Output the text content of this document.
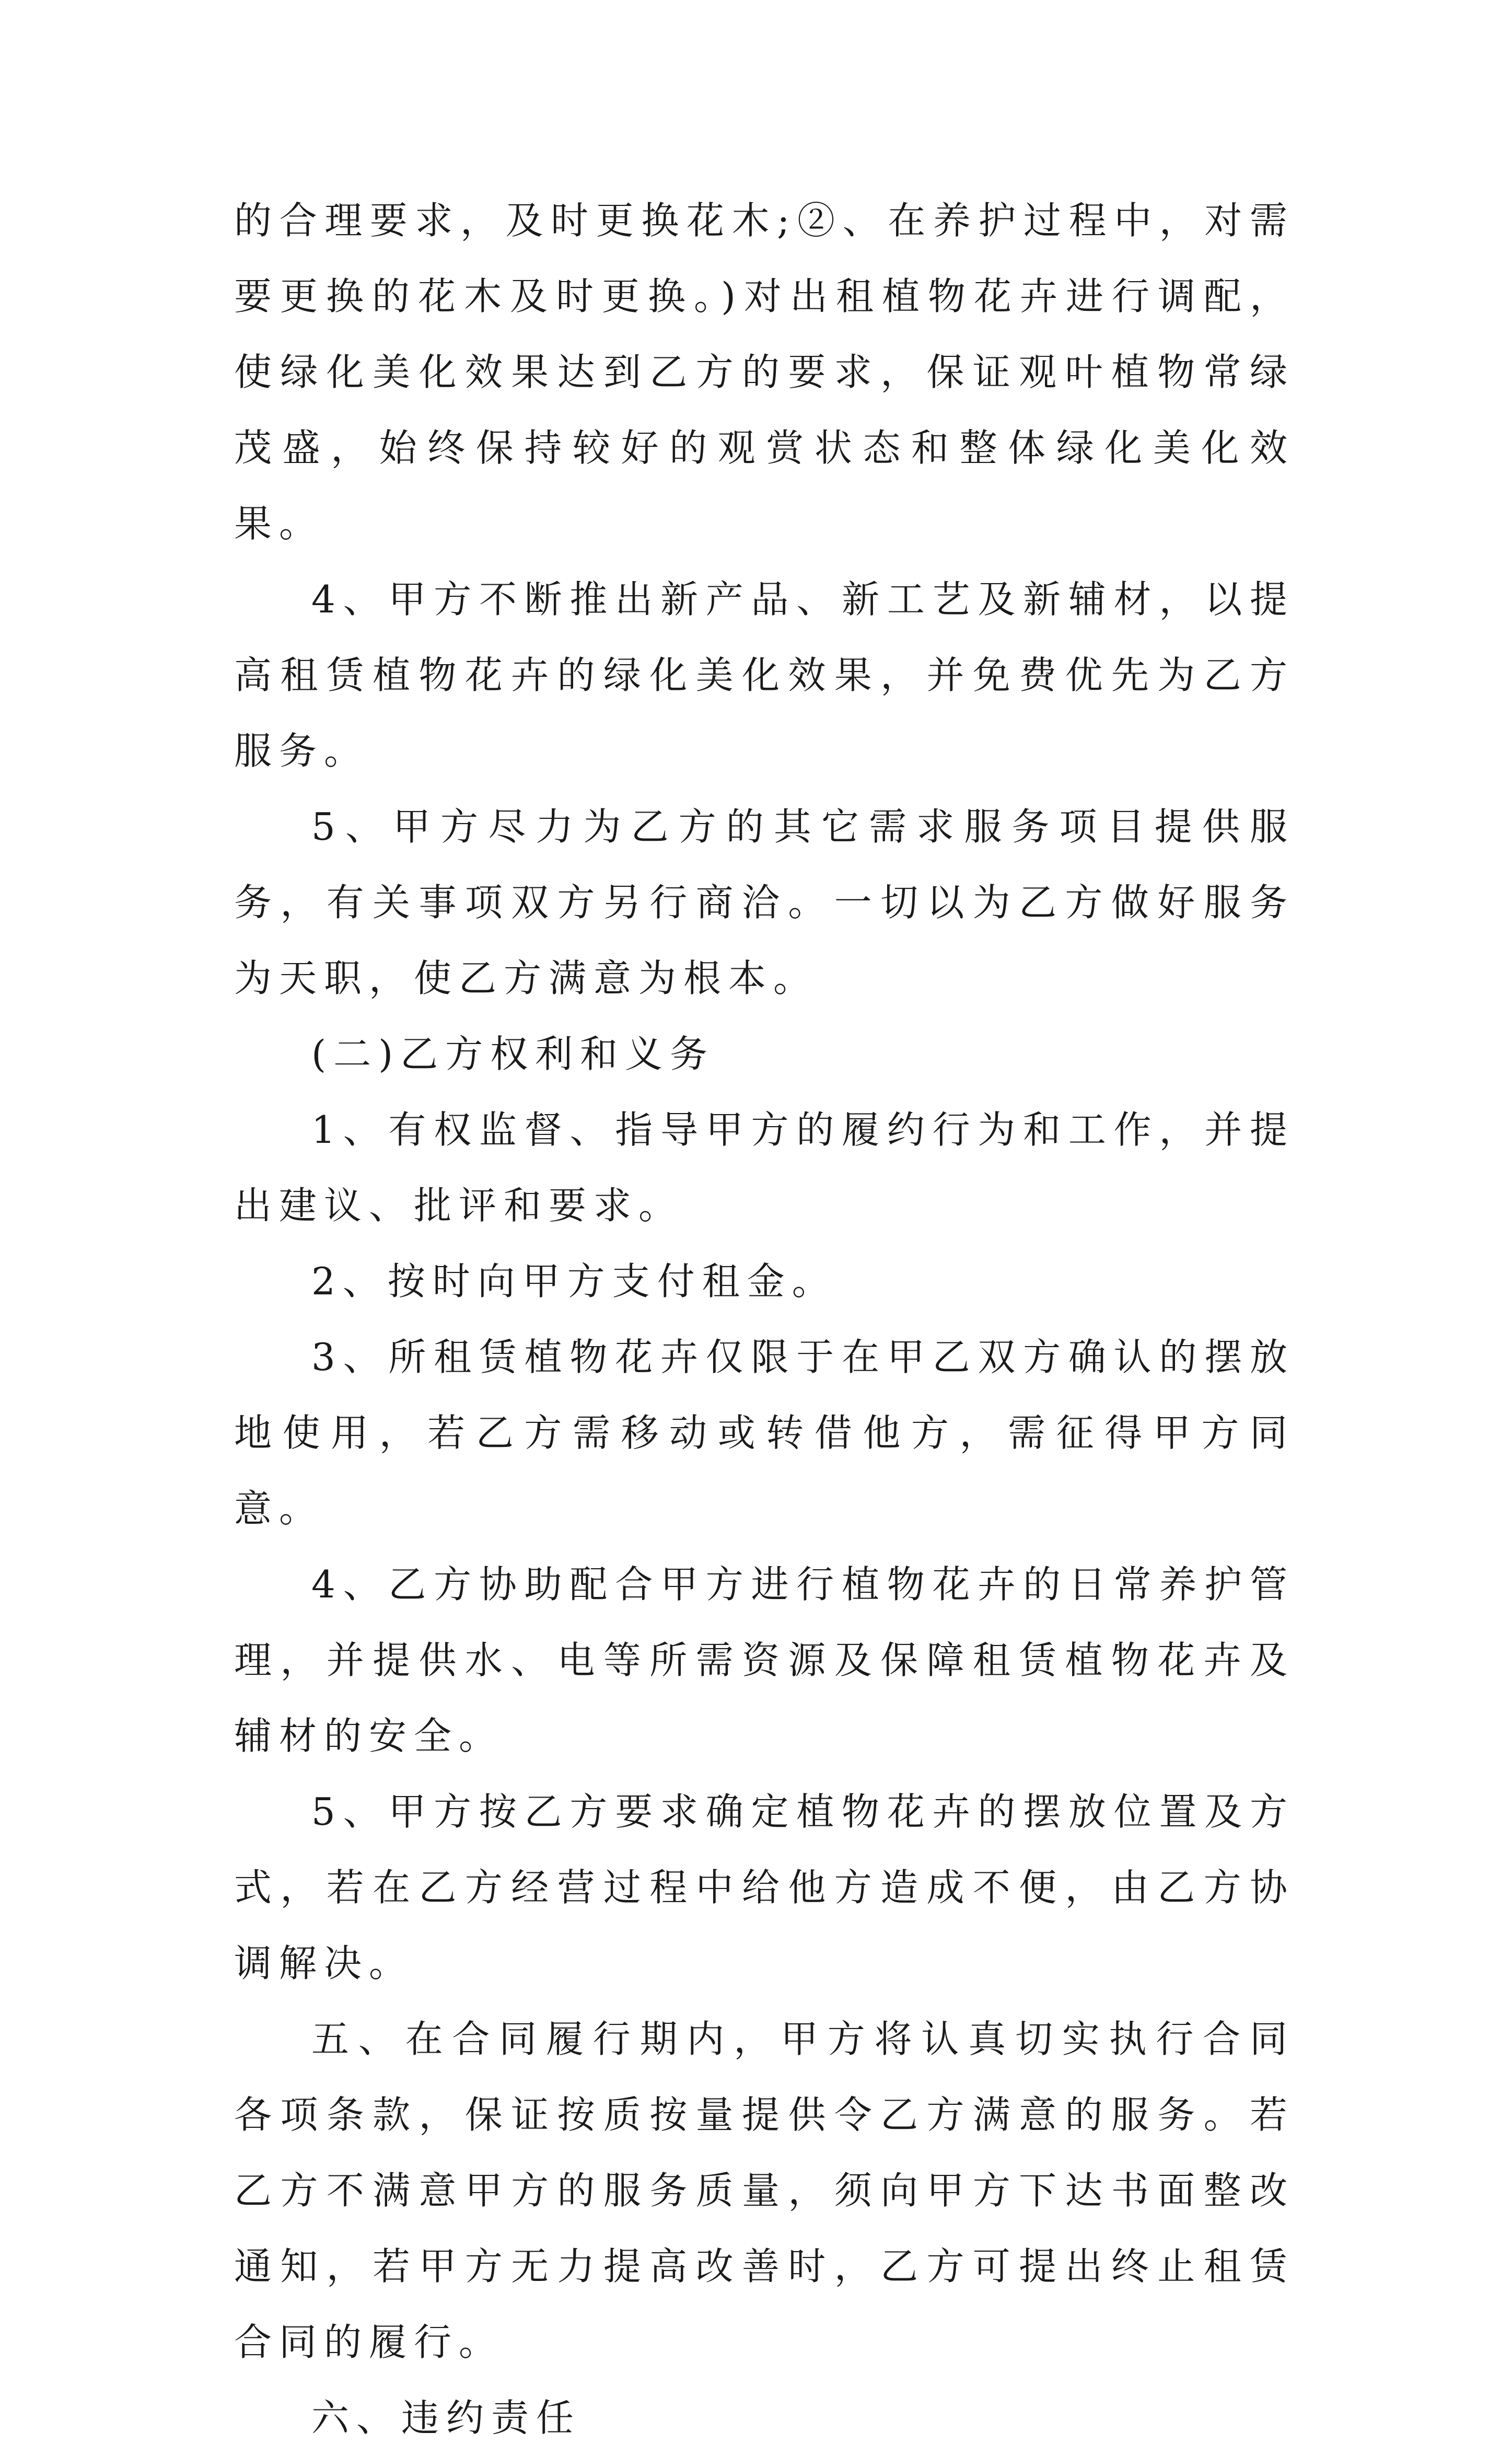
的合理要求，及时更换花木;②、在养护过程中，对需要更换的花木及时更换。)对出租植物花卉进行调配，使绿化美化效果达到乙方的要求，保证观叶植物常绿茂盛，始终保持较好的观赏状态和整体绿化美化效果。

4、甲方不断推出新产品、新工艺及新辅材，以提高租赁植物花卉的绿化美化效果，并免费优先为乙方服务。

5、甲方尽力为乙方的其它需求服务项目提供服务，有关事项双方另行商洽。一切以为乙方做好服务为天职，使乙方满意为根本。

(二)乙方权利和义务

1、有权监督、指导甲方的履约行为和工作，并提出建议、批评和要求。

2、按时向甲方支付租金。

3、所租赁植物花卉仅限于在甲乙双方确认的摆放地使用，若乙方需移动或转借他方，需征得甲方同意。

4、乙方协助配合甲方进行植物花卉的日常养护管理，并提供水、电等所需资源及保障租赁植物花卉及辅材的安全。

5、甲方按乙方要求确定植物花卉的摆放位置及方式，若在乙方经营过程中给他方造成不便，由乙方协调解决。

五、在合同履行期内，甲方将认真切实执行合同各项条款，保证按质按量提供令乙方满意的服务。若乙方不满意甲方的服务质量，须向甲方下达书面整改通知，若甲方无力提高改善时，乙方可提出终止租赁合同的履行。

六、违约责任
